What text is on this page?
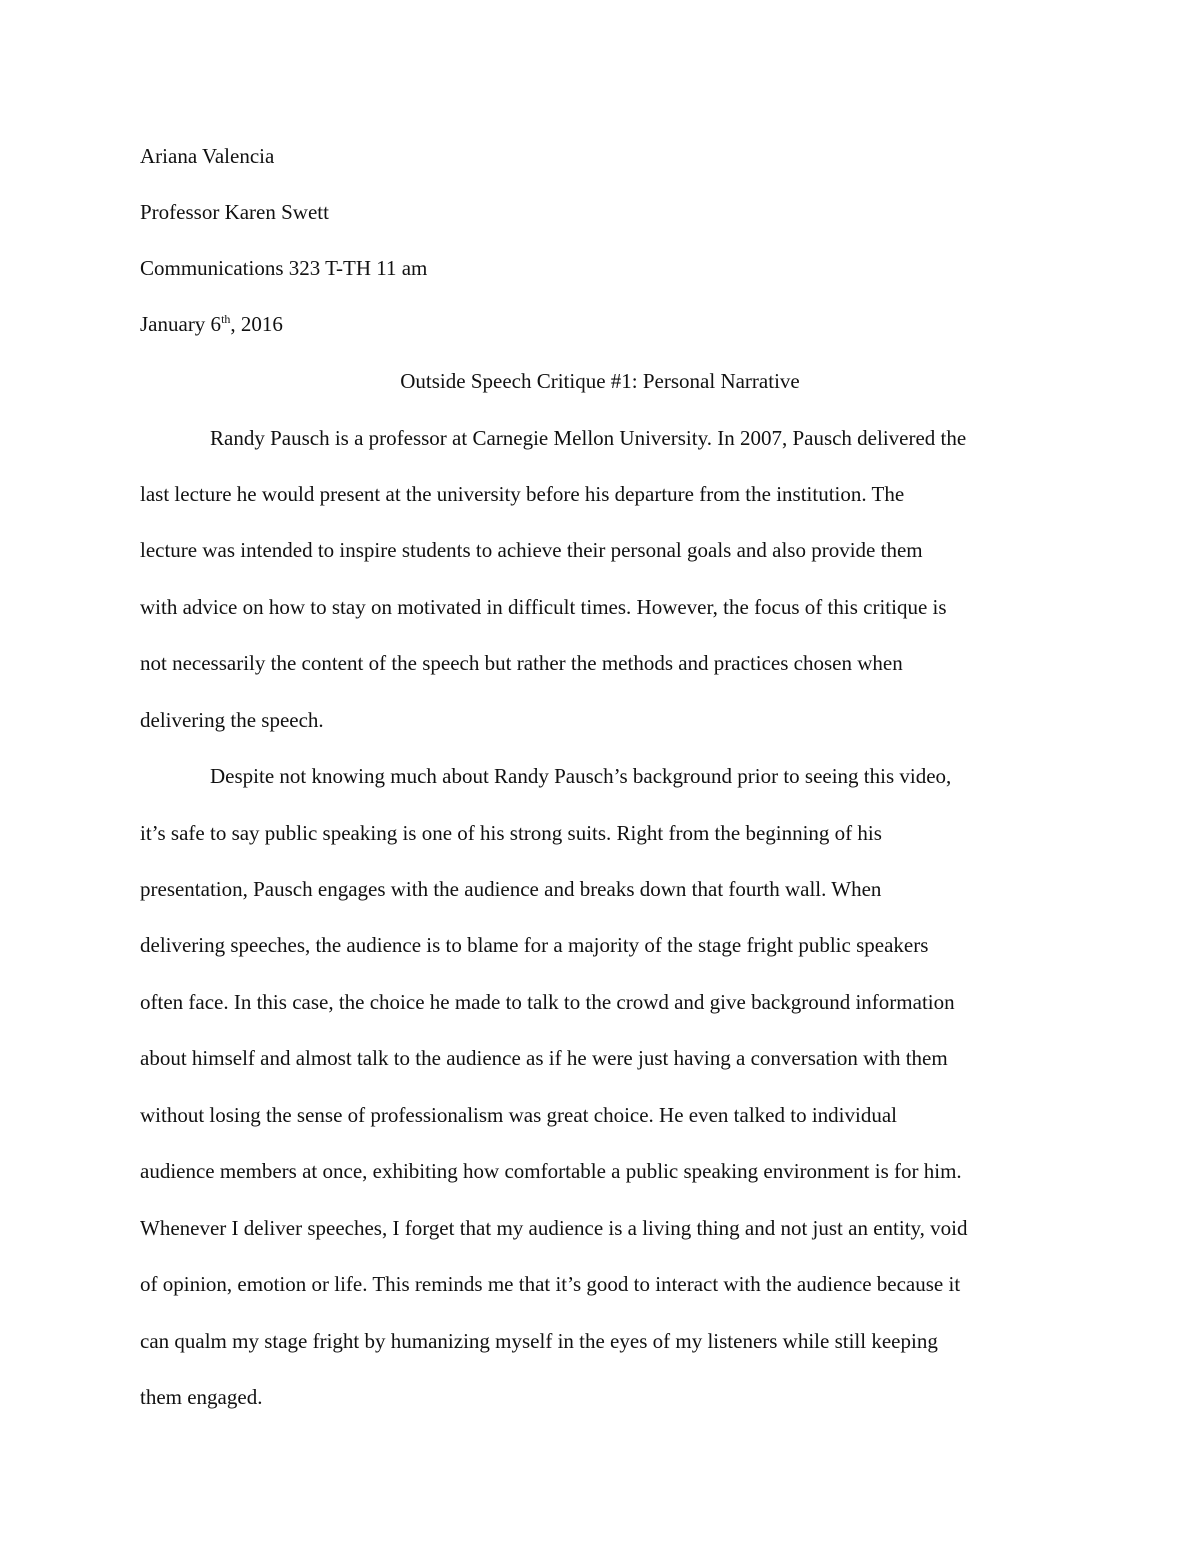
Ariana Valencia
Professor Karen Swett
Communications 323 T-TH 11 am
January 6th, 2016
Outside Speech Critique #1: Personal Narrative
Randy Pausch is a professor at Carnegie Mellon University. In 2007, Pausch delivered the
last lecture he would present at the university before his departure from the institution. The
lecture was intended to inspire students to achieve their personal goals and also provide them
with advice on how to stay on motivated in difficult times. However, the focus of this critique is
not necessarily the content of the speech but rather the methods and practices chosen when
delivering the speech.
Despite not knowing much about Randy Pausch’s background prior to seeing this video,
it’s safe to say public speaking is one of his strong suits. Right from the beginning of his
presentation, Pausch engages with the audience and breaks down that fourth wall. When
delivering speeches, the audience is to blame for a majority of the stage fright public speakers
often face. In this case, the choice he made to talk to the crowd and give background information
about himself and almost talk to the audience as if he were just having a conversation with them
without losing the sense of professionalism was great choice. He even talked to individual
audience members at once, exhibiting how comfortable a public speaking environment is for him.
Whenever I deliver speeches, I forget that my audience is a living thing and not just an entity, void
of opinion, emotion or life. This reminds me that it’s good to interact with the audience because it
can qualm my stage fright by humanizing myself in the eyes of my listeners while still keeping
them engaged.
